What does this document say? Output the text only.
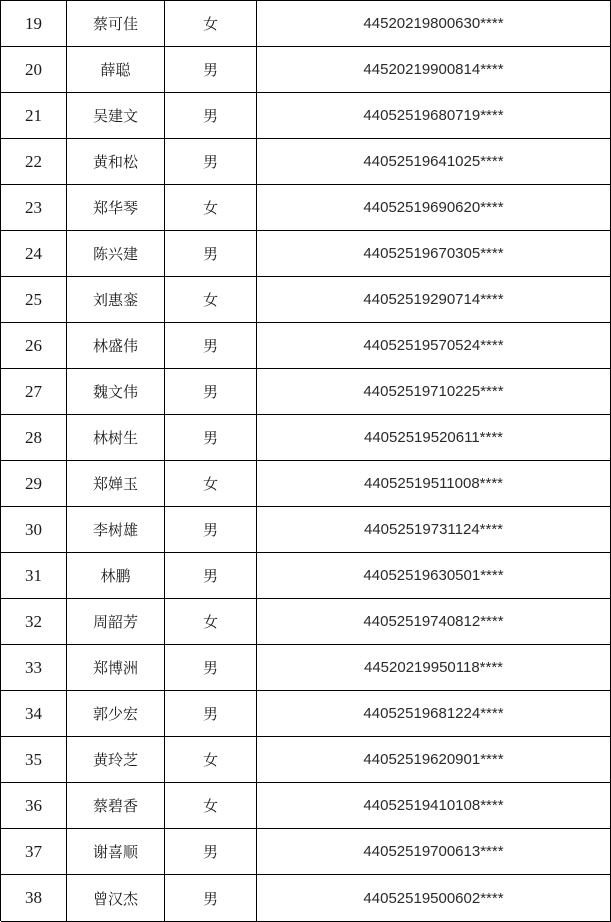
19	蔡可佳	女	44520219800630****
20	薛聪	男	44520219900814****
21	吴建文	男	44052519680719****
22	黄和松	男	44052519641025****
23	郑华琴	女	44052519690620****
24	陈兴建	男	44052519670305****
25	刘惠銮	女	44052519290714****
26	林盛伟	男	44052519570524****
27	魏文伟	男	44052519710225****
28	林树生	男	44052519520611****
29	郑婵玉	女	44052519511008****
30	李树雄	男	44052519731124****
31	林鹏	男	44052519630501****
32	周韶芳	女	44052519740812****
33	郑博洲	男	44520219950118****
34	郭少宏	男	44052519681224****
35	黄玲芝	女	44052519620901****
36	蔡碧香	女	44052519410108****
37	谢喜顺	男	44052519700613****
38	曾汉杰	男	44052519500602****
